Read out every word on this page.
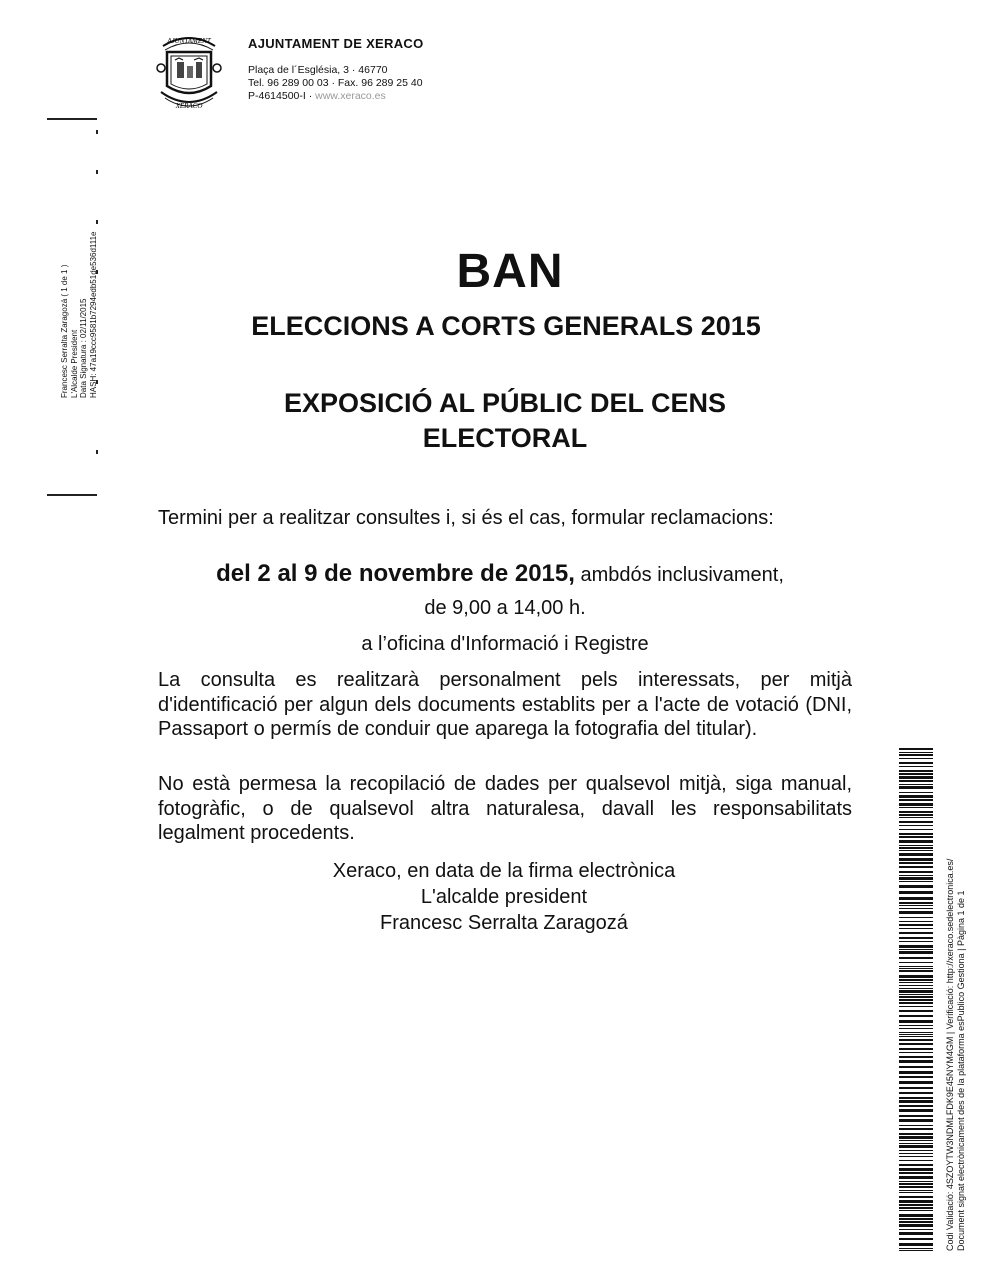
AJUNTAMENT
XERACO
AJUNTAMENT DE XERACO
Plaça de l´Església, 3 · 46770
Tel. 96 289 00 03 · Fax. 96 289 25 40
P-4614500-I · www.xeraco.es
Francesc Serralta Zaragozá ( 1 de 1 ) L'Alcalde President Data Signatura : 02/11/2015 HASH: 47a19ccc9581b7294edb51de536d111e	BAN
ELECCIONS A CORTS GENERALS 2015
EXPOSICIÓ AL PÚBLIC DEL CENS
ELECTORAL
Termini per a realitzar consultes i, si és el cas, formular reclamacions:
del 2 al 9 de novembre de 2015, ambdós inclusivament,
de 9,00 a 14,00 h.
a l’oficina d'Informació i Registre
La consulta es realitzarà personalment pels interessats, per mitjà d'identificació per algun dels documents establits per a l'acte de votació (DNI, Passaport o permís de conduir que aparega la fotografia del titular).
No està permesa la recopilació de dades per qualsevol mitjà, siga manual, fotogràfic, o de qualsevol altra naturalesa, davall les responsabilitats legalment procedents.
Xeraco, en data de la firma electrònica
L'alcalde president
Francesc Serralta Zaragozá	Codi Validació: 4SZOYTW3NDMLFDK9E45NYM4GM | Verificació: http://xeraco.sedelectronica.es/ Document signat electrònicament des de la plataforma esPublico Gestiona | Pàgina 1 de 1
